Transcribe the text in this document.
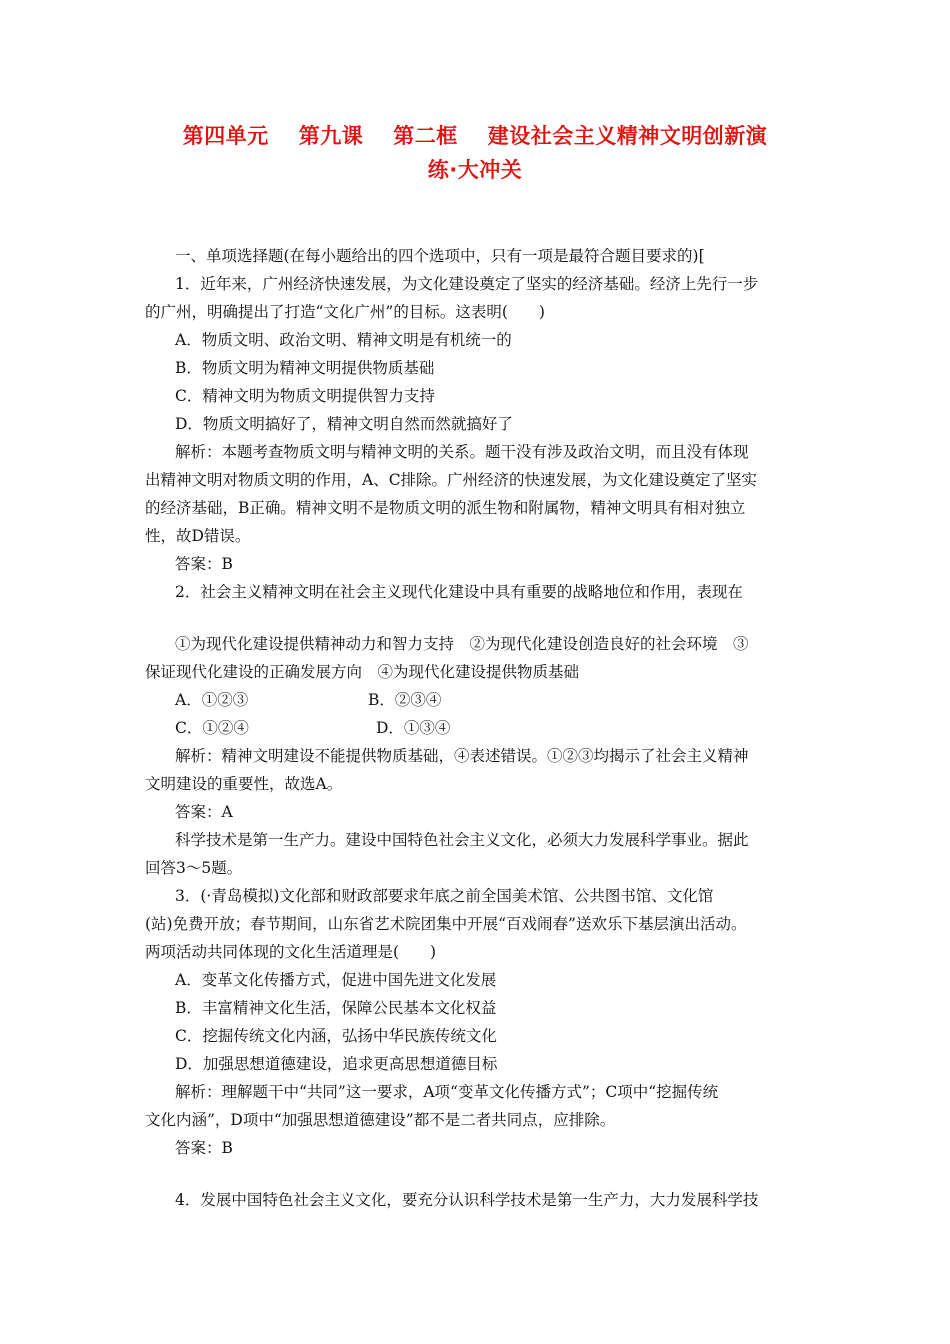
第四单元 第九课 第二框 建设社会主义精神文明创新演
练·大冲关
一、单项选择题(在每小题给出的四个选项中，只有一项是最符合题目要求的)[
1．近年来，广州经济快速发展，为文化建设奠定了坚实的经济基础。经济上先行一步
的广州，明确提出了打造“文化广州”的目标。这表明(　　)
A．物质文明、政治文明、精神文明是有机统一的
B．物质文明为精神文明提供物质基础
C．精神文明为物质文明提供智力支持
D．物质文明搞好了，精神文明自然而然就搞好了
解析：本题考查物质文明与精神文明的关系。题干没有涉及政治文明，而且没有体现
出精神文明对物质文明的作用，A、C排除。广州经济的快速发展，为文化建设奠定了坚实
的经济基础，B正确。精神文明不是物质文明的派生物和附属物，精神文明具有相对独立
性，故D错误。
答案：B
2．社会主义精神文明在社会主义现代化建设中具有重要的战略地位和作用，表现在
①为现代化建设提供精神动力和智力支持　②为现代化建设创造良好的社会环境　③
保证现代化建设的正确发展方向　④为现代化建设提供物质基础
A．①②③	B．②③④
C．①②④	D．①③④
解析：精神文明建设不能提供物质基础，④表述错误。①②③均揭示了社会主义精神
文明建设的重要性，故选A。
答案：A
科学技术是第一生产力。建设中国特色社会主义文化，必须大力发展科学事业。据此
回答3～5题。
3．(·青岛模拟)文化部和财政部要求年底之前全国美术馆、公共图书馆、文化馆
(站)免费开放；春节期间，山东省艺术院团集中开展“百戏闹春”送欢乐下基层演出活动。
两项活动共同体现的文化生活道理是(　　)
A．变革文化传播方式，促进中国先进文化发展
B．丰富精神文化生活，保障公民基本文化权益
C．挖掘传统文化内涵，弘扬中华民族传统文化
D．加强思想道德建设，追求更高思想道德目标
解析：理解题干中“共同”这一要求，A项“变革文化传播方式”；C项中“挖掘传统
文化内涵”，D项中“加强思想道德建设”都不是二者共同点，应排除。
答案：B
4．发展中国特色社会主义文化，要充分认识科学技术是第一生产力，大力发展科学技
